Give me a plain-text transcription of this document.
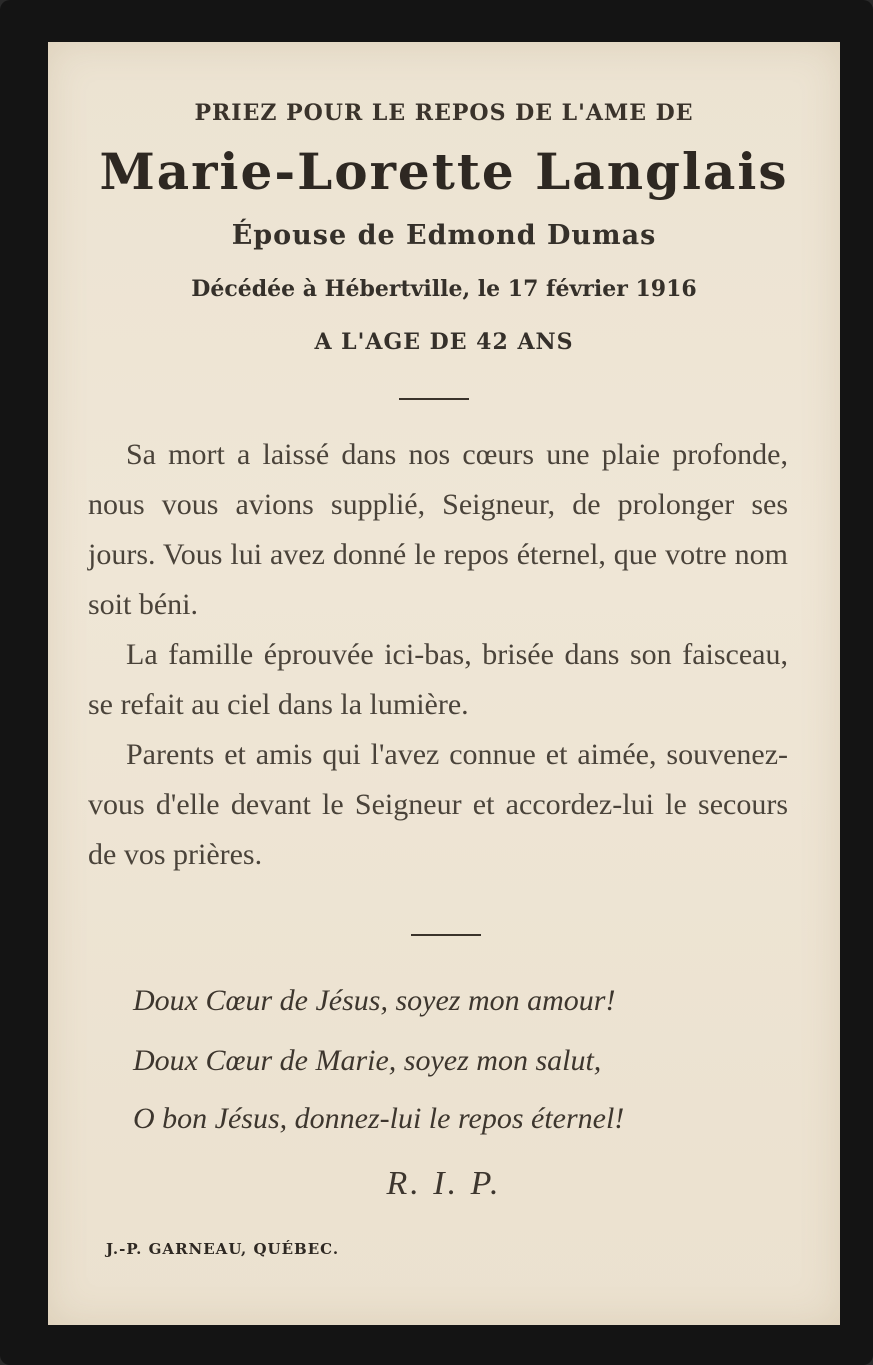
PRIEZ POUR LE REPOS DE L'AME DE
Marie-Lorette Langlais
Épouse de Edmond Dumas
Décédée à Hébertville, le 17 février 1916
A L'AGE DE 42 ANS

Sa mort a laissé dans nos cœurs une plaie profonde, nous vous avions supplié, Seigneur, de prolonger ses jours. Vous lui avez donné le repos éternel, que votre nom soit béni.

La famille éprouvée ici-bas, brisée dans son faisceau, se refait au ciel dans la lumière.

Parents et amis qui l'avez connue et aimée, souvenez-vous d'elle devant le Seigneur et accordez-lui le secours de vos prières.

Doux Cœur de Jésus, soyez mon amour!
Doux Cœur de Marie, soyez mon salut,
O bon Jésus, donnez-lui le repos éternel!
R. I. P.
J.-P. GARNEAU, QUÉBEC.
